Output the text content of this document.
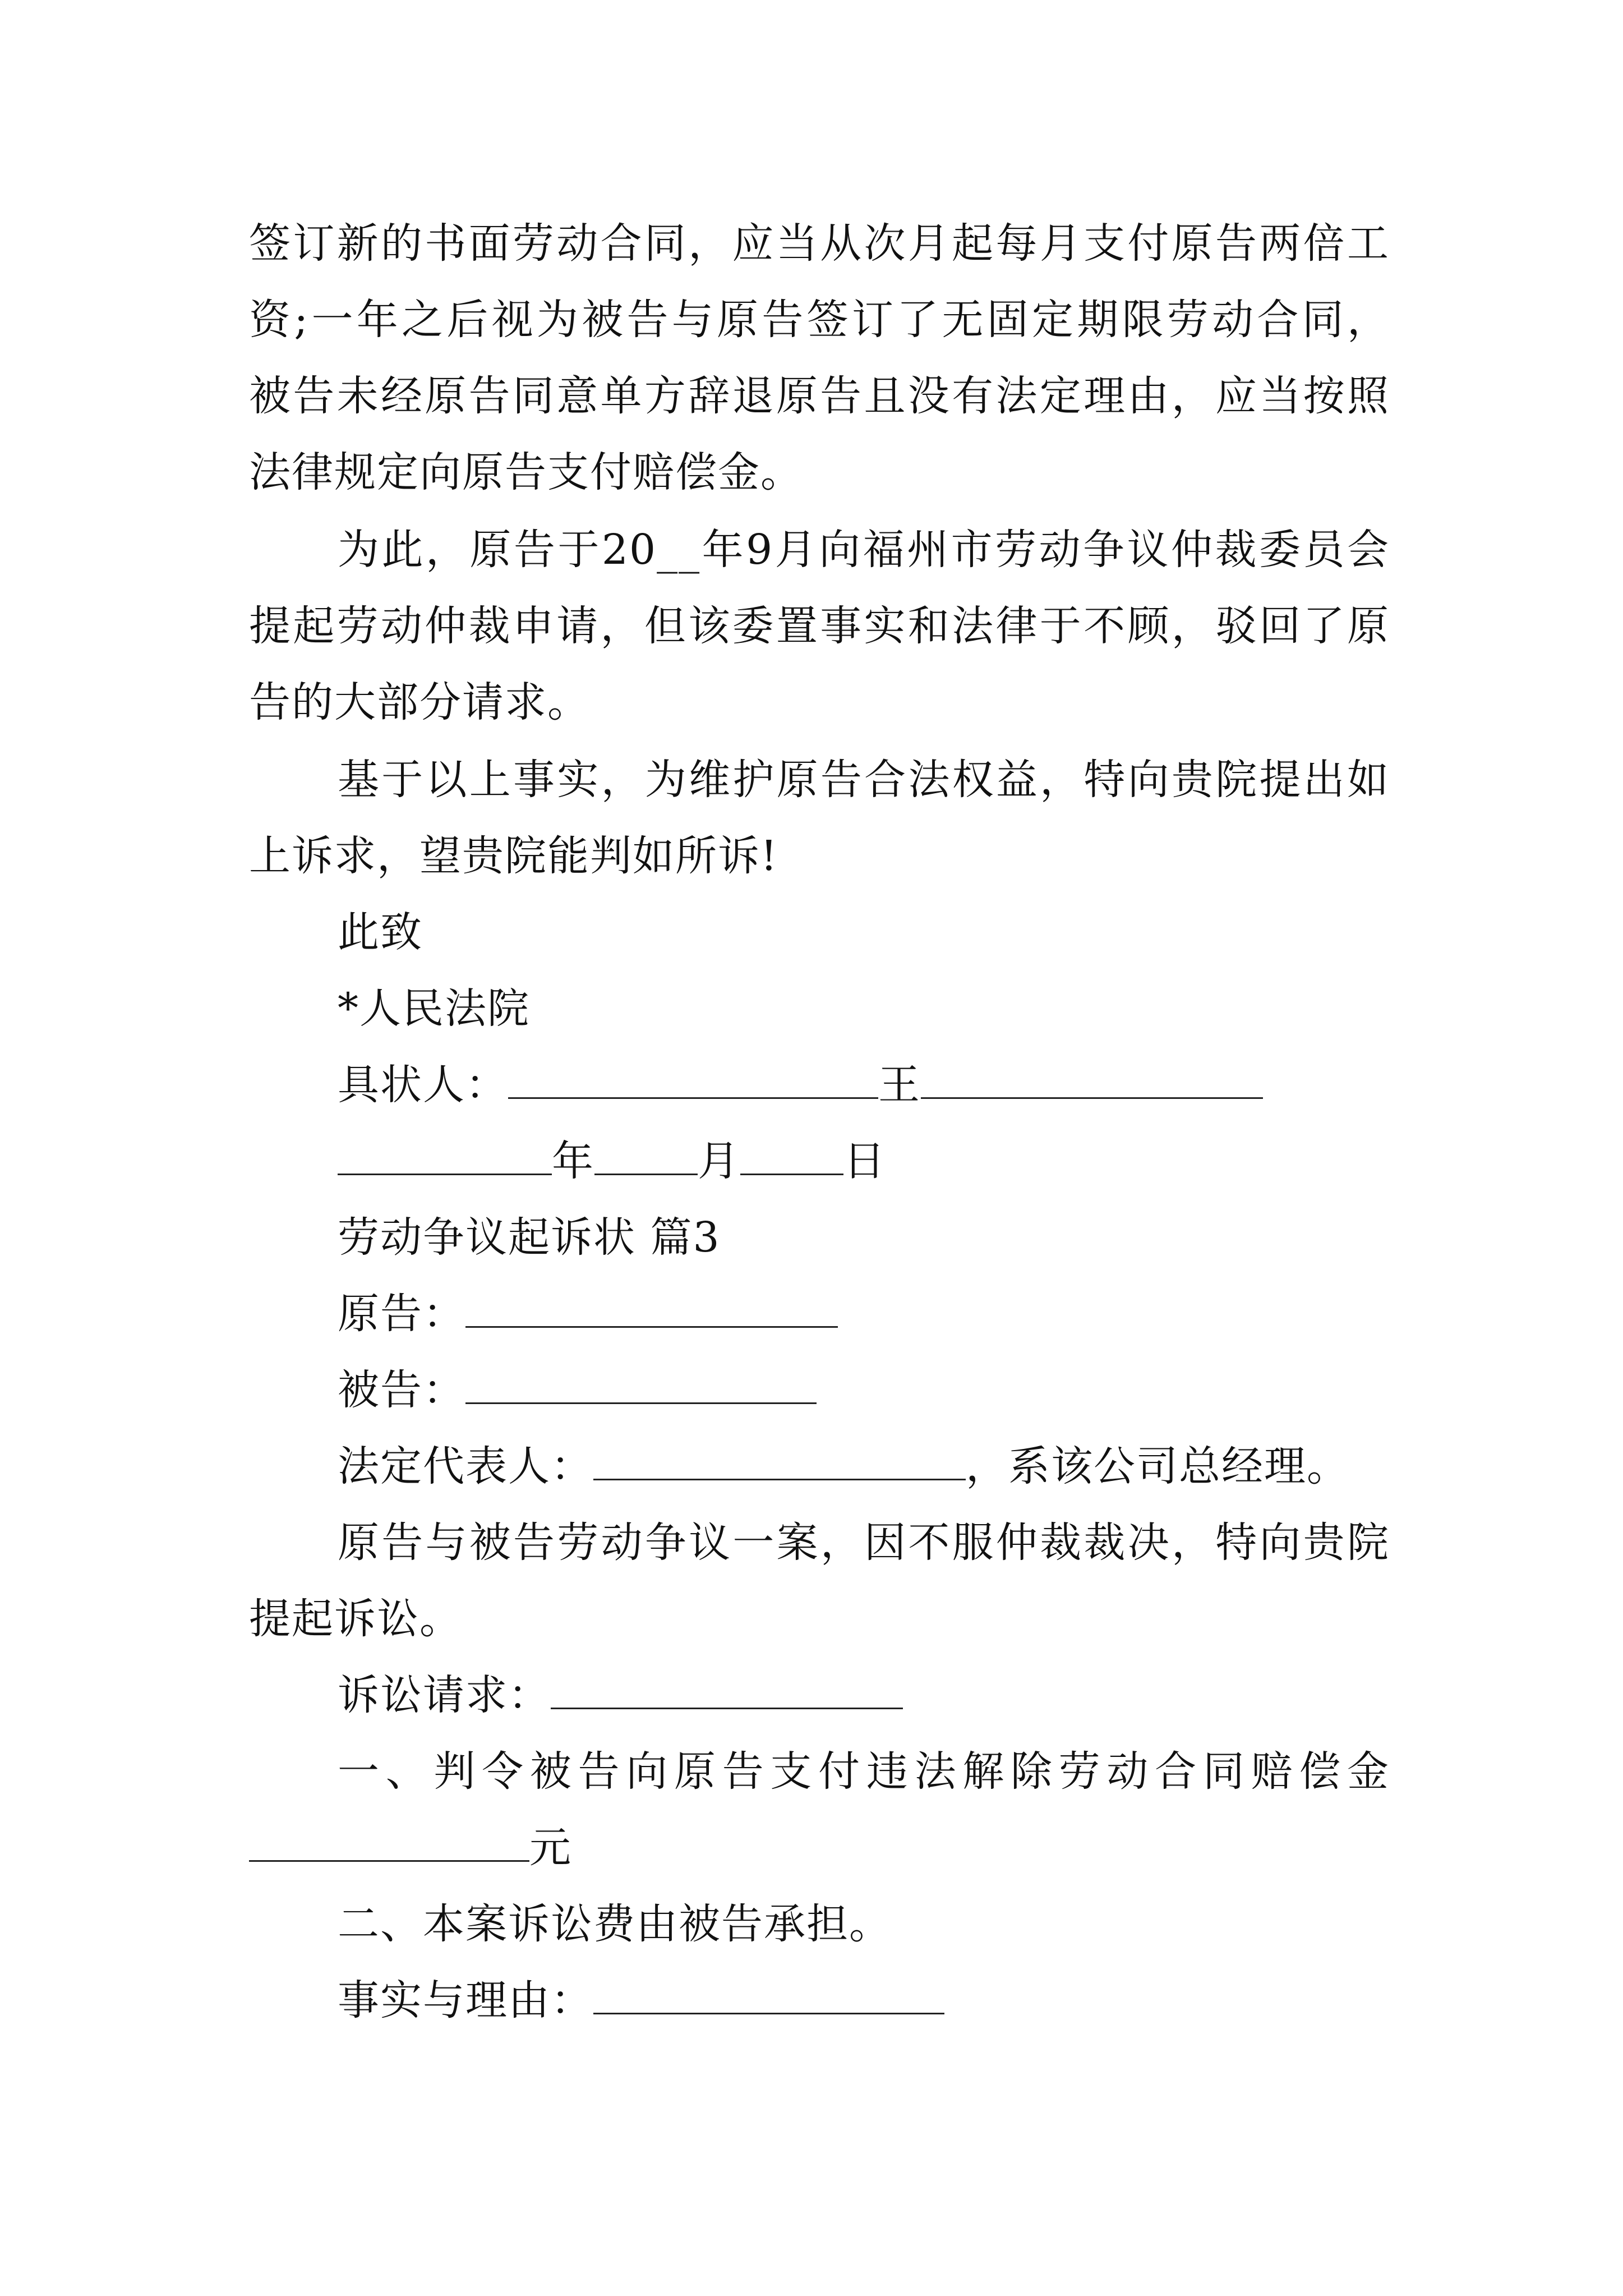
签订新的书面劳动合同，应当从次月起每月支付原告两倍工
资;一年之后视为被告与原告签订了无固定期限劳动合同，
被告未经原告同意单方辞退原告且没有法定理由，应当按照
法律规定向原告支付赔偿金。
为此，原告于20__年9月向福州市劳动争议仲裁委员会
提起劳动仲裁申请，但该委置事实和法律于不顾，驳回了原
告的大部分请求。
基于以上事实，为维护原告合法权益，特向贵院提出如
上诉求，望贵院能判如所诉!
此致
*人民法院
具状人：	王
年 月 日
劳动争议起诉状 篇3
原告：
被告：
法定代表人：	，系该公司总经理。
原告与被告劳动争议一案，因不服仲裁裁决，特向贵院
提起诉讼。
诉讼请求：
一、判令被告向原告支付违法解除劳动合同赔偿金
元
二、本案诉讼费由被告承担。
事实与理由：
